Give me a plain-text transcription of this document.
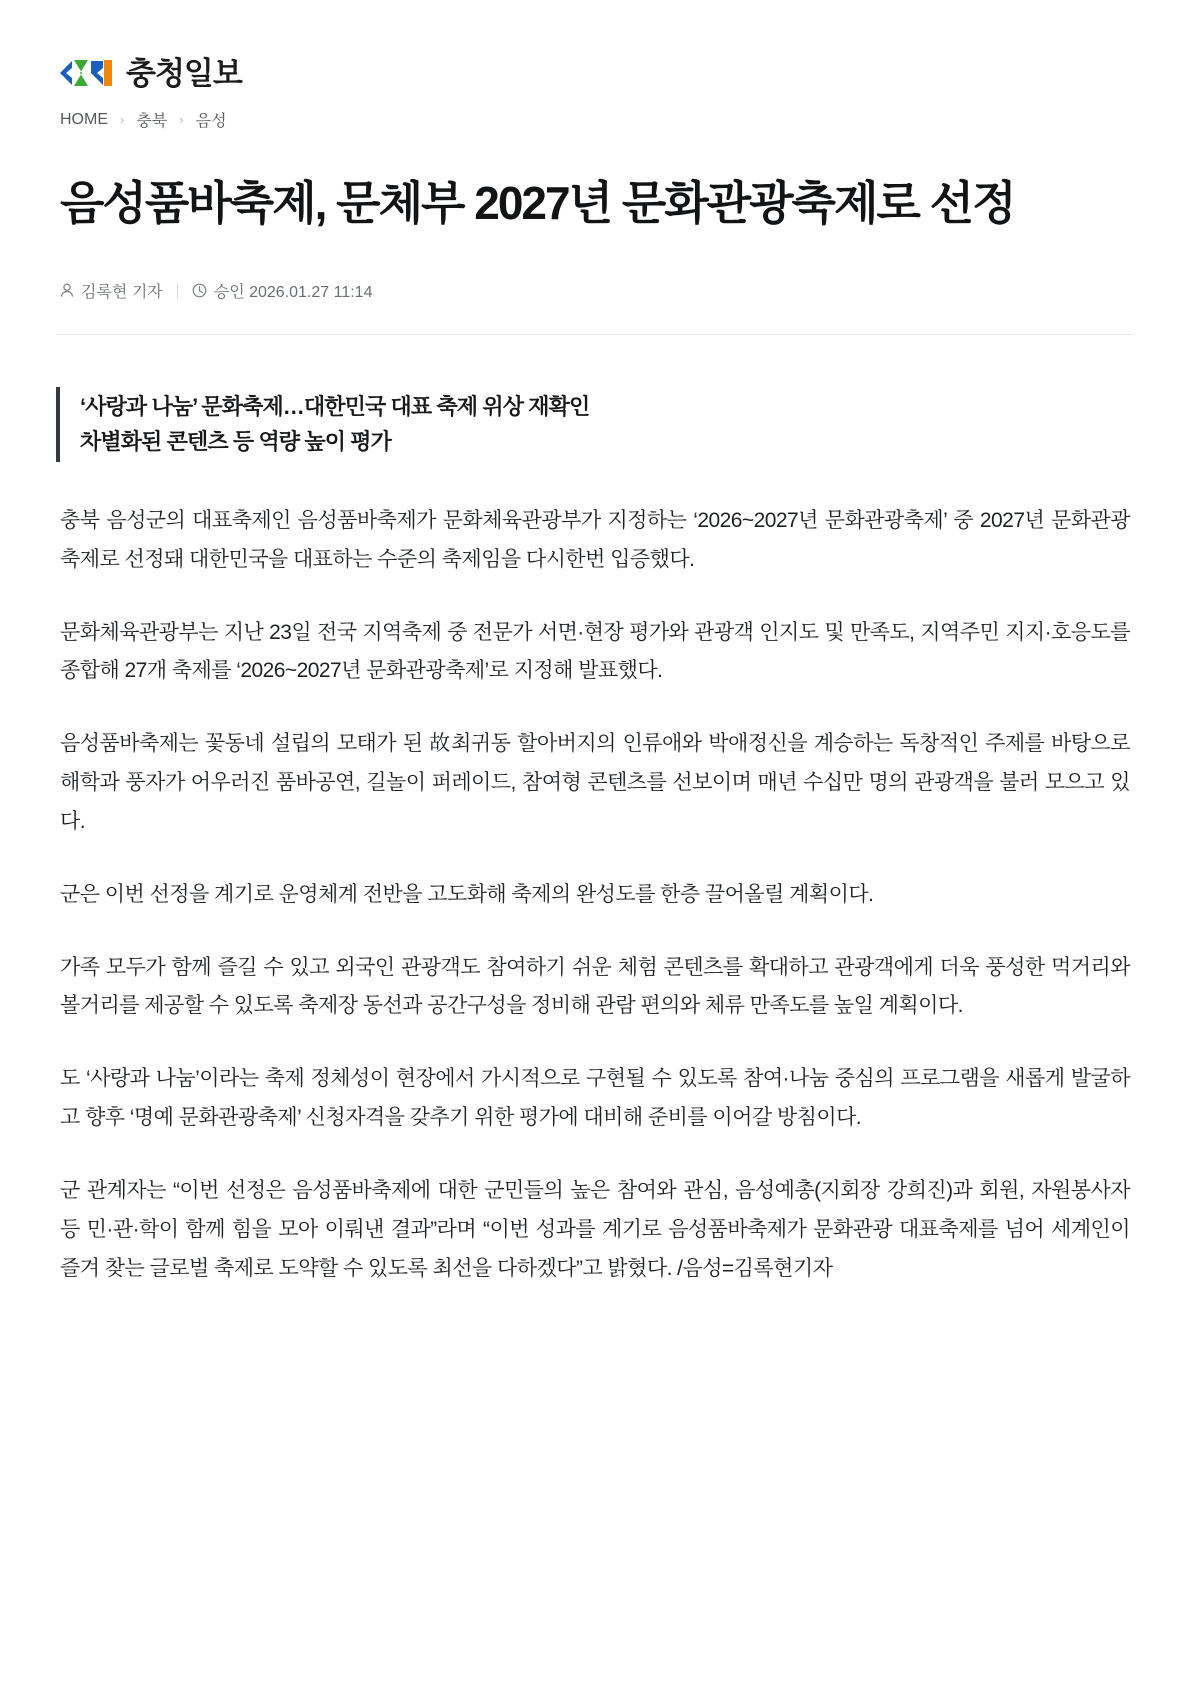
충청일보
HOME › 충북 › 음성
음성품바축제, 문체부 2027년 문화관광축제로 선정
김록현 기자	승인 2026.01.27 11:14

‘사랑과 나눔’ 문화축제…대한민국 대표 축제 위상 재확인

차별화된 콘텐츠 등 역량 높이 평가

충북 음성군의 대표축제인 음성품바축제가 문화체육관광부가 지정하는 ‘2026~2027년 문화관광축제’ 중 2027년 문화관광축제로 선정돼 대한민국을 대표하는 수준의 축제임을 다시한번 입증했다.

문화체육관광부는 지난 23일 전국 지역축제 중 전문가 서면·현장 평가와 관광객 인지도 및 만족도, 지역주민 지지·호응도를 종합해 27개 축제를 ‘2026~2027년 문화관광축제’로 지정해 발표했다.

음성품바축제는 꽃동네 설립의 모태가 된 故최귀동 할아버지의 인류애와 박애정신을 계승하는 독창적인 주제를 바탕으로 해학과 풍자가 어우러진 품바공연, 길놀이 퍼레이드, 참여형 콘텐츠를 선보이며 매년 수십만 명의 관광객을 불러 모으고 있다.

군은 이번 선정을 계기로 운영체계 전반을 고도화해 축제의 완성도를 한층 끌어올릴 계획이다.

가족 모두가 함께 즐길 수 있고 외국인 관광객도 참여하기 쉬운 체험 콘텐츠를 확대하고 관광객에게 더욱 풍성한 먹거리와 볼거리를 제공할 수 있도록 축제장 동선과 공간구성을 정비해 관람 편의와 체류 만족도를 높일 계획이다.

도 ‘사랑과 나눔’이라는 축제 정체성이 현장에서 가시적으로 구현될 수 있도록 참여·나눔 중심의 프로그램을 새롭게 발굴하고 향후 ‘명예 문화관광축제’ 신청자격을 갖추기 위한 평가에 대비해 준비를 이어갈 방침이다.

군 관계자는 “이번 선정은 음성품바축제에 대한 군민들의 높은 참여와 관심, 음성예총(지회장 강희진)과 회원, 자원봉사자 등 민·관·학이 함께 힘을 모아 이뤄낸 결과”라며 “이번 성과를 계기로 음성품바축제가 문화관광 대표축제를 넘어 세계인이 즐겨 찾는 글로벌 축제로 도약할 수 있도록 최선을 다하겠다”고 밝혔다. /음성=김록현기자
